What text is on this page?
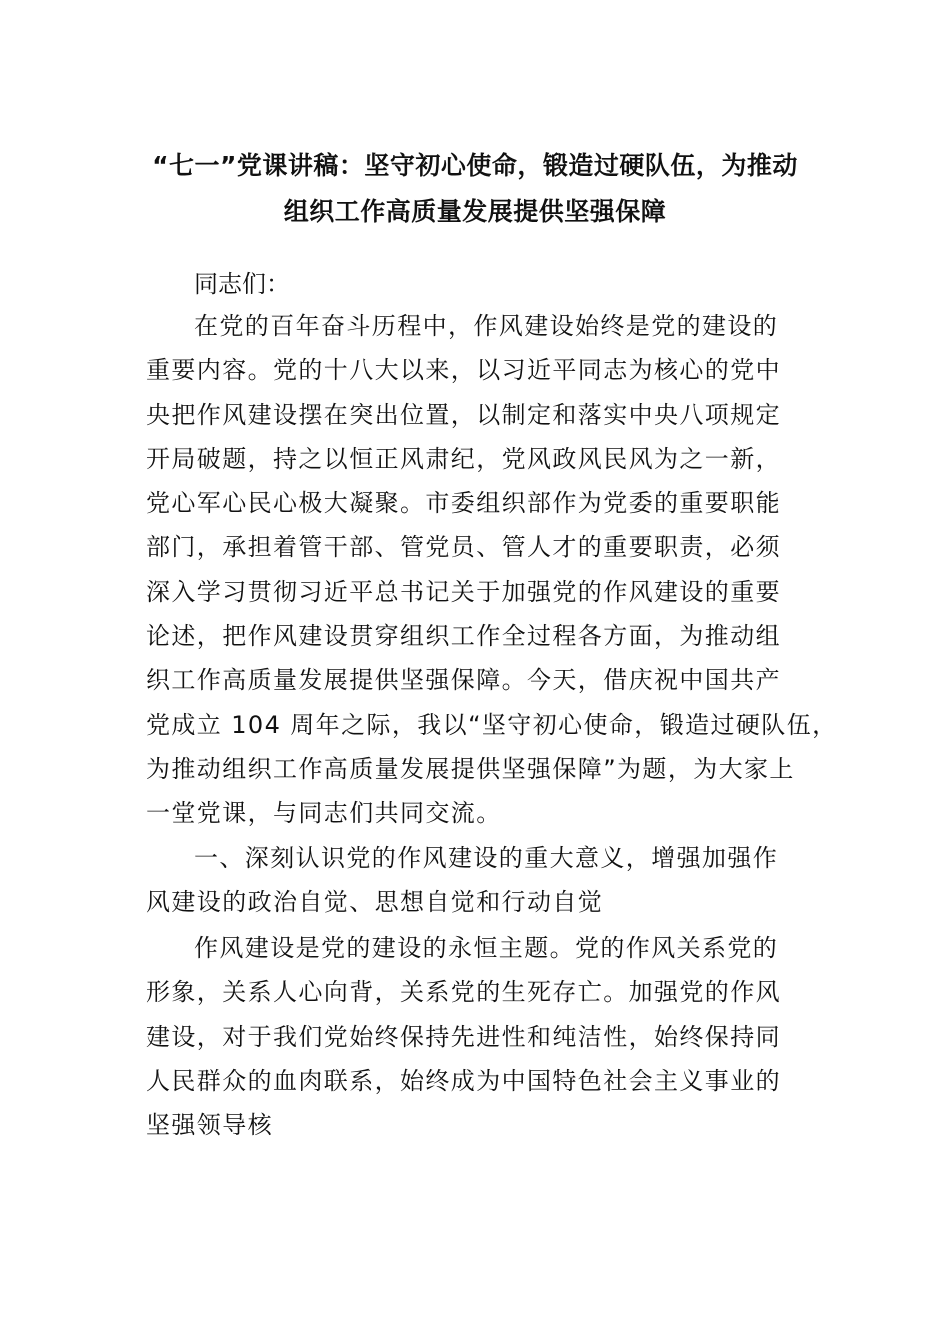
“七一”党课讲稿：坚守初心使命，锻造过硬队伍，为推动
组织工作高质量发展提供坚强保障
同志们：
在党的百年奋斗历程中，作风建设始终是党的建设的
重要内容。党的十八大以来，以习近平同志为核心的党中
央把作风建设摆在突出位置，以制定和落实中央八项规定
开局破题，持之以恒正风肃纪，党风政风民风为之一新，
党心军心民心极大凝聚。市委组织部作为党委的重要职能
部门，承担着管干部、管党员、管人才的重要职责，必须
深入学习贯彻习近平总书记关于加强党的作风建设的重要
论述，把作风建设贯穿组织工作全过程各方面，为推动组
织工作高质量发展提供坚强保障。今天，借庆祝中国共产
党成立 104 周年之际，我以“坚守初心使命，锻造过硬队伍，
为推动组织工作高质量发展提供坚强保障”为题，为大家上
一堂党课，与同志们共同交流。
一、深刻认识党的作风建设的重大意义，增强加强作
风建设的政治自觉、思想自觉和行动自觉
作风建设是党的建设的永恒主题。党的作风关系党的
形象，关系人心向背，关系党的生死存亡。加强党的作风
建设，对于我们党始终保持先进性和纯洁性，始终保持同
人民群众的血肉联系，始终成为中国特色社会主义事业的
坚强领导核
